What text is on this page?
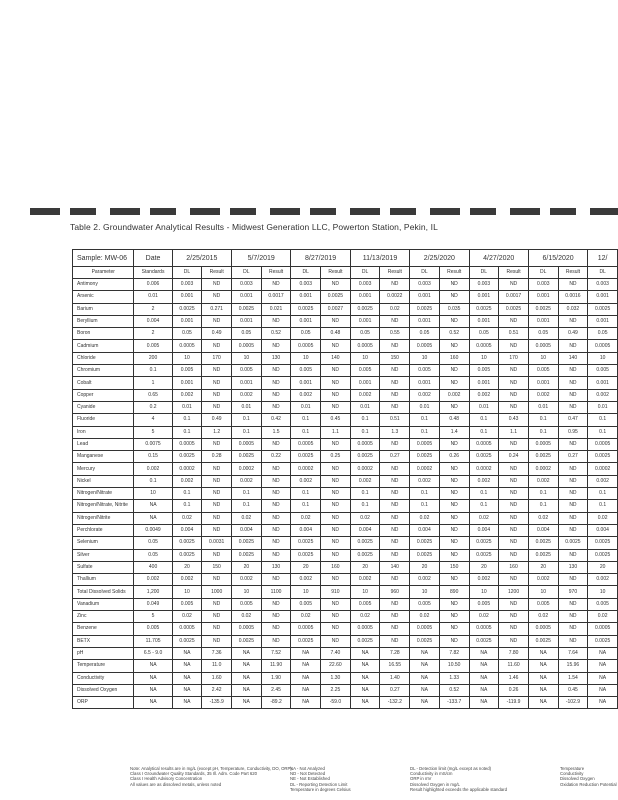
Table 2. Groundwater Analytical Results - Midwest Generation LLC, Powerton Station, Pekin, IL
Sample: MW-06	Date	2/25/2015		5/7/2019		8/27/2019		11/13/2019		2/25/2020		4/27/2020		6/15/2020		12/
Parameter	Standards	DL	Result	DL	Result	DL	Result	DL	Result	DL	Result	DL	Result	DL	Result	DL
Antimony	0.006	0.003	ND	0.003	ND	0.003	ND	0.003	ND	0.003	ND	0.003	ND	0.003	ND	0.003
Arsenic	0.01	0.001	ND	0.001	0.0017	0.001	0.0025	0.001	0.0022	0.001	ND	0.001	0.0017	0.001	0.0016	0.001
Barium	2	0.0025	0.271	0.0025	0.021	0.0025	0.0027	0.0025	0.02	0.0025	0.035	0.0025	0.0025	0.0025	0.032	0.0025
Beryllium	0.004	0.001	ND	0.001	ND	0.001	ND	0.001	ND	0.001	ND	0.001	ND	0.001	ND	0.001
Boron	2	0.05	0.49	0.05	0.52	0.05	0.48	0.05	0.55	0.05	0.52	0.05	0.51	0.05	0.49	0.05
Cadmium	0.005	0.0005	ND	0.0005	ND	0.0005	ND	0.0005	ND	0.0005	ND	0.0005	ND	0.0005	ND	0.0005
Chloride	200	10	170	10	130	10	140	10	150	10	160	10	170	10	140	10
Chromium	0.1	0.005	ND	0.005	ND	0.005	ND	0.005	ND	0.005	ND	0.005	ND	0.005	ND	0.005
Cobalt	1	0.001	ND	0.001	ND	0.001	ND	0.001	ND	0.001	ND	0.001	ND	0.001	ND	0.001
Copper	0.65	0.002	ND	0.002	ND	0.002	ND	0.002	ND	0.002	0.002	0.002	ND	0.002	ND	0.002
Cyanide	0.2	0.01	ND	0.01	ND	0.01	ND	0.01	ND	0.01	ND	0.01	ND	0.01	ND	0.01
Fluoride	4	0.1	0.49	0.1	0.42	0.1	0.45	0.1	0.51	0.1	0.48	0.1	0.43	0.1	0.47	0.1
Iron	5	0.1	1.2	0.1	1.5	0.1	1.1	0.1	1.3	0.1	1.4	0.1	1.1	0.1	0.95	0.1
Lead	0.0075	0.0005	ND	0.0005	ND	0.0005	ND	0.0005	ND	0.0005	ND	0.0005	ND	0.0005	ND	0.0005
Manganese	0.15	0.0025	0.28	0.0025	0.22	0.0025	0.25	0.0025	0.27	0.0025	0.26	0.0025	0.24	0.0025	0.27	0.0025
Mercury	0.002	0.0002	ND	0.0002	ND	0.0002	ND	0.0002	ND	0.0002	ND	0.0002	ND	0.0002	ND	0.0002
Nickel	0.1	0.002	ND	0.002	ND	0.002	ND	0.002	ND	0.002	ND	0.002	ND	0.002	ND	0.002
Nitrogen/Nitrate	10	0.1	ND	0.1	ND	0.1	ND	0.1	ND	0.1	ND	0.1	ND	0.1	ND	0.1
Nitrogen/Nitrate, Nitrite	NA	0.1	ND	0.1	ND	0.1	ND	0.1	ND	0.1	ND	0.1	ND	0.1	ND	0.1
Nitrogen/Nitrite	NA	0.02	ND	0.02	ND	0.02	ND	0.02	ND	0.02	ND	0.02	ND	0.02	ND	0.02
Perchlorate	0.0049	0.004	ND	0.004	ND	0.004	ND	0.004	ND	0.004	ND	0.004	ND	0.004	ND	0.004
Selenium	0.05	0.0025	0.0031	0.0025	ND	0.0025	ND	0.0025	ND	0.0025	ND	0.0025	ND	0.0025	0.0025	0.0025
Silver	0.05	0.0025	ND	0.0025	ND	0.0025	ND	0.0025	ND	0.0025	ND	0.0025	ND	0.0025	ND	0.0025
Sulfate	400	20	150	20	130	20	160	20	140	20	150	20	160	20	130	20
Thallium	0.002	0.002	ND	0.002	ND	0.002	ND	0.002	ND	0.002	ND	0.002	ND	0.002	ND	0.002
Total Dissolved Solids	1,200	10	1000	10	1100	10	910	10	960	10	890	10	1200	10	970	10
Vanadium	0.049	0.005	ND	0.005	ND	0.005	ND	0.005	ND	0.005	ND	0.005	ND	0.005	ND	0.005
Zinc	5	0.02	ND	0.02	ND	0.02	ND	0.02	ND	0.02	ND	0.02	ND	0.02	ND	0.02
Benzene	0.005	0.0005	ND	0.0005	ND	0.0005	ND	0.0005	ND	0.0005	ND	0.0005	ND	0.0005	ND	0.0005
BETX	11.705	0.0025	ND	0.0025	ND	0.0025	ND	0.0025	ND	0.0025	ND	0.0025	ND	0.0025	ND	0.0025
pH	6.5 - 9.0	NA	7.36	NA	7.52	NA	7.40	NA	7.28	NA	7.82	NA	7.80	NA	7.64	NA
Temperature	NA	NA	11.0	NA	11.90	NA	22.60	NA	16.55	NA	10.50	NA	11.60	NA	15.96	NA
Conductivity	NA	NA	1.60	NA	1.90	NA	1.30	NA	1.40	NA	1.33	NA	1.46	NA	1.54	NA
Dissolved Oxygen	NA	NA	2.42	NA	2.45	NA	2.25	NA	0.27	NA	0.52	NA	0.26	NA	0.45	NA
ORP	NA	NA	-135.9	NA	-89.2	NA	-59.0	NA	-132.2	NA	-133.7	NA	-119.9	NA	-102.9	NA
Note: Analytical results are in mg/L (except pH, Temperature, Conductivity, DO, ORP)
Class I Groundwater Quality Standards, 35 Ill. Adm. Code Part 620
Class I Health Advisory Concentration
All values are as dissolved metals, unless noted
NA - Not Analyzed
ND - Not Detected
NE - Not Established
DL - Reporting Detection Limit
Temperature in degrees Celsius
DL - Detection limit (mg/L except as noted)
Conductivity in mS/cm
ORP in mV
Dissolved Oxygen in mg/L
Result highlighted exceeds the applicable standard
Temperature
Conductivity
Dissolved Oxygen
Oxidation Reduction Potential
